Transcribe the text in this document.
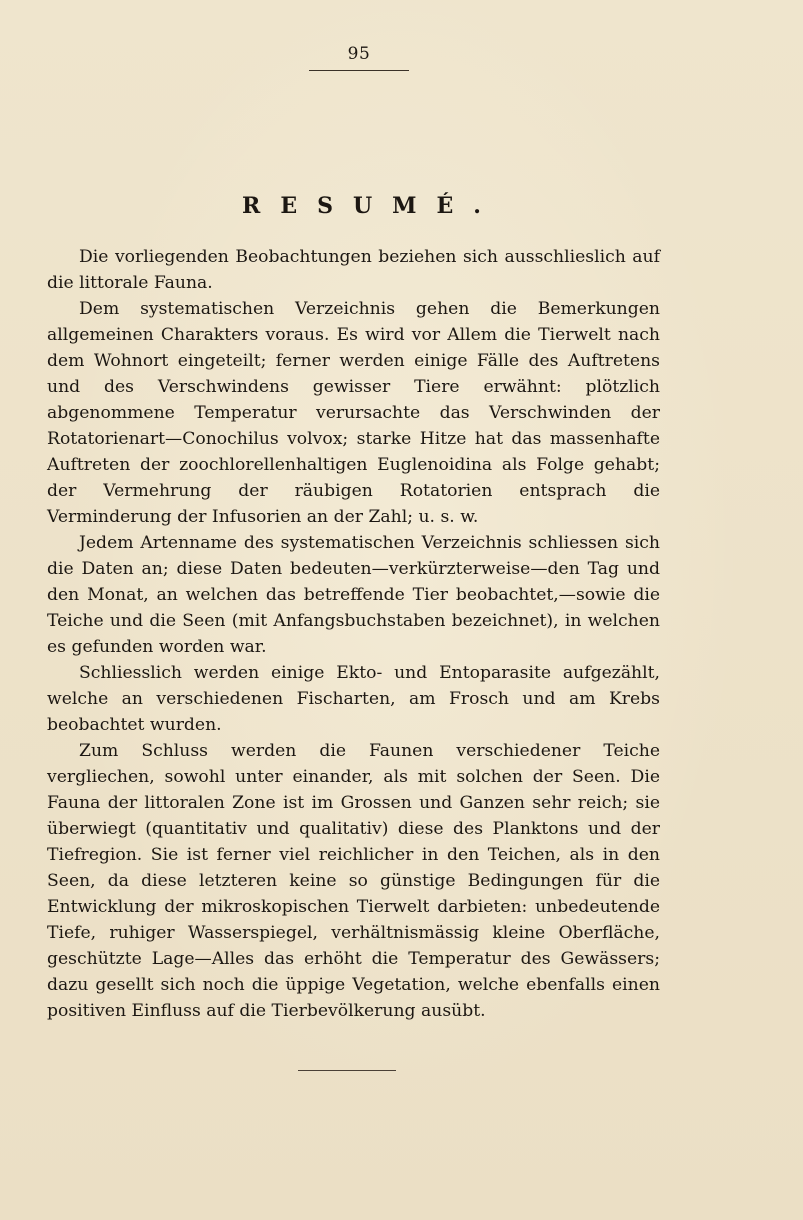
95
RESUMÉ.

Die vorliegenden Beobachtungen beziehen sich ausschlieslich auf die littorale Fauna.

Dem systematischen Verzeichnis gehen die Bemerkungen allgemeinen Charakters voraus. Es wird vor Allem die Tierwelt nach dem Wohnort eingeteilt; ferner werden einige Fälle des Auftretens und des Verschwindens gewisser Tiere erwähnt: plötzlich abgenommene Temperatur verursachte das Verschwinden der Rotatorienart—Conochilus volvox; starke Hitze hat das massenhafte Auftreten der zoochlorellenhaltigen Euglenoidina als Folge gehabt; der Vermehrung der räubigen Rotatorien entsprach die Verminderung der Infusorien an der Zahl; u. s. w.

Jedem Artenname des systematischen Verzeichnis schliessen sich die Daten an; diese Daten bedeuten—verkürzterweise—den Tag und den Monat, an welchen das betreffende Tier beobachtet,—sowie die Teiche und die Seen (mit Anfangsbuchstaben bezeichnet), in welchen es gefunden worden war.

Schliesslich werden einige Ekto- und Entoparasite aufgezählt, welche an verschiedenen Fischarten, am Frosch und am Krebs beobachtet wurden.

Zum Schluss werden die Faunen verschiedener Teiche vergliechen, sowohl unter einander, als mit solchen der Seen. Die Fauna der littoralen Zone ist im Grossen und Ganzen sehr reich; sie überwiegt (quantitativ und qualitativ) diese des Planktons und der Tiefregion. Sie ist ferner viel reichlicher in den Teichen, als in den Seen, da diese letzteren keine so günstige Bedingungen für die Entwicklung der mikroskopischen Tierwelt darbieten: unbedeutende Tiefe, ruhiger Wasserspiegel, verhältnismässig kleine Oberfläche, geschützte Lage—Alles das erhöht die Temperatur des Gewässers; dazu gesellt sich noch die üppige Vegetation, welche ebenfalls einen positiven Einfluss auf die Tierbevölkerung ausübt.
